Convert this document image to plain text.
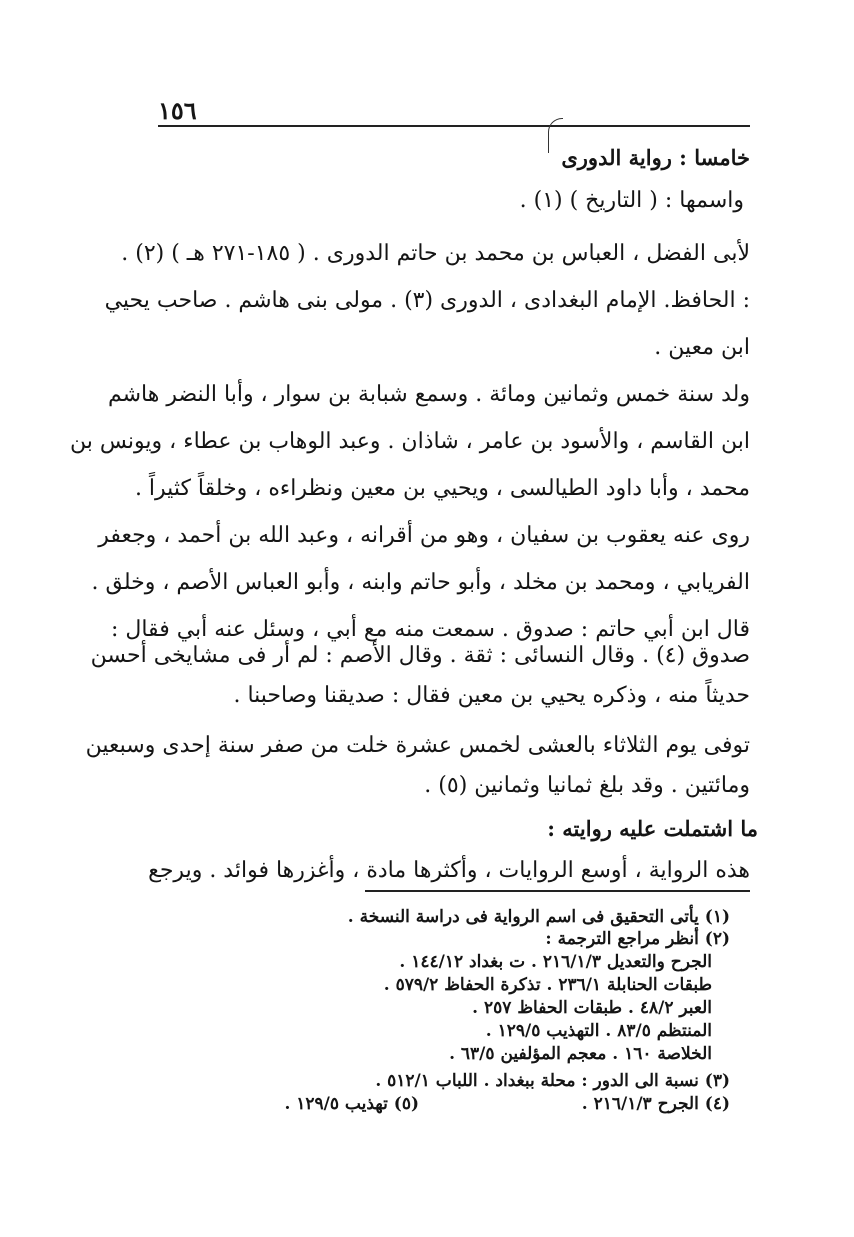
١٥٦
خامسا : رواية الدورى
واسمها : ( التاريخ ) (١) .
لأبى الفضل ، العباس بن محمد بن حاتم الدورى . ( ١٨٥-٢٧١ هـ ) (٢) .
: الحافظ. الإمام البغدادى ، الدورى (٣) . مولى بنى هاشم . صاحب يحيي
ابن معين .
ولد سنة خمس وثمانين ومائة . وسمع شبابة بن سوار ، وأبا النضر هاشم
ابن القاسم ، والأسود بن عامر ، شاذان . وعبد الوهاب بن عطاء ، ويونس بن
محمد ، وأبا داود الطيالسى ، ويحيي بن معين ونظراءه ، وخلقاً كثيراً .
روى عنه يعقوب بن سفيان ، وهو من أقرانه ، وعبد الله بن أحمد ، وجعفر
الفريابي ، ومحمد بن مخلد ، وأبو حاتم وابنه ، وأبو العباس الأصم ، وخلق .
قال ابن أبي حاتم : صدوق . سمعت منه مع أبي ، وسئل عنه أبي فقال :
صدوق (٤) . وقال النسائى : ثقة . وقال الأصم : لم أر فى مشايخى أحسن
حديثاً منه ، وذكره يحيي بن معين فقال : صديقنا وصاحبنا .
توفى يوم الثلاثاء بالعشى لخمس عشرة خلت من صفر سنة إحدى وسبعين
ومائتين . وقد بلغ ثمانيا وثمانين (٥) .
ما اشتملت عليه روايته :
هذه الرواية ، أوسع الروايات ، وأكثرها مادة ، وأغزرها فوائد . ويرجع
(١) يأتى التحقيق فى اسم الرواية فى دراسة النسخة .
(٢) أنظر مراجع الترجمة :
الجرح والتعديل ٢١٦/١/٣ . ت بغداد ١٤٤/١٢ .
طبقات الحنابلة ٢٣٦/١ . تذكرة الحفاظ ٥٧٩/٢ .
العبر ٤٨/٢ . طبقات الحفاظ ٢٥٧ .
المنتظم ٨٣/٥ . التهذيب ١٢٩/٥ .
الخلاصة ١٦٠ . معجم المؤلفين ٦٣/٥ .
(٣) نسبة الى الدور : محلة ببغداد . اللباب ٥١٢/١ .
(٤) الجرح ٢١٦/١/٣ .
(٥) تهذيب ١٢٩/٥ .
